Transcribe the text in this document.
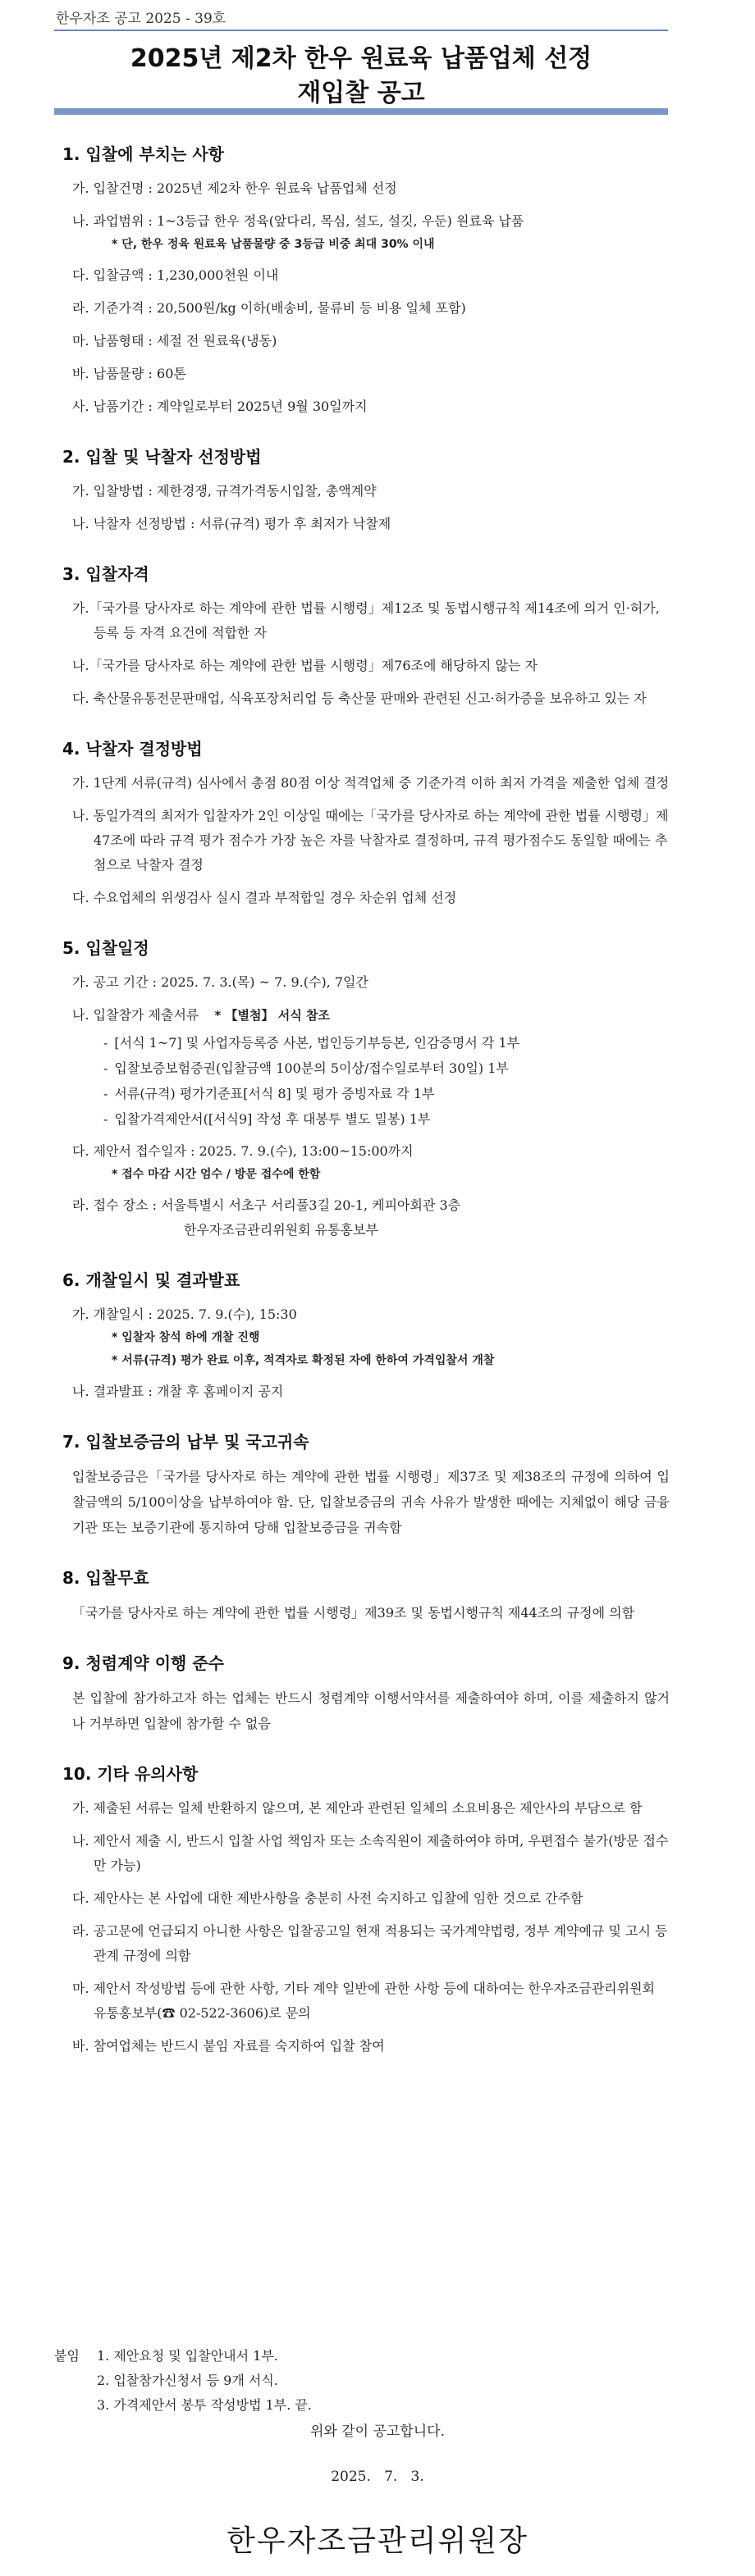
한우자조 공고 2025 - 39호
2025년 제2차 한우 원료육 납품업체 선정
재입찰 공고
1. 입찰에 부치는 사항
가. 입찰건명 : 2025년 제2차 한우 원료육 납품업체 선정
나. 과업범위 : 1~3등급 한우 정육(앞다리, 목심, 설도, 설깃, 우둔) 원료육 납품
* 단, 한우 정육 원료육 납품물량 중 3등급 비중 최대 30% 이내
다. 입찰금액 : 1,230,000천원 이내
라. 기준가격 : 20,500원/kg 이하(배송비, 물류비 등 비용 일체 포함)
마. 납품형태 : 세절 전 원료육(냉동)
바. 납품물량 : 60톤
사. 납품기간 : 계약일로부터 2025년 9월 30일까지
2. 입찰 및 낙찰자 선정방법
가. 입찰방법 : 제한경쟁, 규격가격동시입찰, 총액계약
나. 낙찰자 선정방법 : 서류(규격) 평가 후 최저가 낙찰제
3. 입찰자격
가.「국가를 당사자로 하는 계약에 관한 법률 시행령」제12조 및 동법시행규칙 제14조에 의거 인·허가, 등록 등 자격 요건에 적합한 자
나.「국가를 당사자로 하는 계약에 관한 법률 시행령」제76조에 해당하지 않는 자
다. 축산물유통전문판매업, 식육포장처리업 등 축산물 판매와 관련된 신고·허가증을 보유하고 있는 자
4. 낙찰자 결정방법
가. 1단계 서류(규격) 심사에서 총점 80점 이상 적격업체 중 기준가격 이하 최저 가격을 제출한 업체 결정
나. 동일가격의 최저가 입찰자가 2인 이상일 때에는「국가를 당사자로 하는 계약에 관한 법률 시행령」제47조에 따라 규격 평가 점수가 가장 높은 자를 낙찰자로 결정하며, 규격 평가점수도 동일할 때에는 추첨으로 낙찰자 결정
다. 수요업체의 위생검사 실시 결과 부적합일 경우 차순위 업체 선정
5. 입찰일정
가. 공고 기간 : 2025. 7. 3.(목) ~ 7. 9.(수), 7일간
나. 입찰참가 제출서류 * 【별첨】 서식 참조
- [서식 1~7] 및 사업자등록증 사본, 법인등기부등본, 인감증명서 각 1부
- 입찰보증보험증권(입찰금액 100분의 5이상/접수일로부터 30일) 1부
- 서류(규격) 평가기준표[서식 8] 및 평가 증빙자료 각 1부
- 입찰가격제안서([서식9] 작성 후 대봉투 별도 밀봉) 1부
다. 제안서 접수일자 : 2025. 7. 9.(수), 13:00~15:00까지
* 접수 마감 시간 엄수 / 방문 접수에 한함
라. 접수 장소 : 서울특별시 서초구 서리풀3길 20-1, 케피아회관 3층
한우자조금관리위원회 유통홍보부
6. 개찰일시 및 결과발표
가. 개찰일시 : 2025. 7. 9.(수), 15:30
* 입찰자 참석 하에 개찰 진행
* 서류(규격) 평가 완료 이후, 적격자로 확정된 자에 한하여 가격입찰서 개찰
나. 결과발표 : 개찰 후 홈페이지 공지
7. 입찰보증금의 납부 및 국고귀속
입찰보증금은「국가를 당사자로 하는 계약에 관한 법률 시행령」제37조 및 제38조의 규정에 의하여 입찰금액의 5/100이상을 납부하여야 함. 단, 입찰보증금의 귀속 사유가 발생한 때에는 지체없이 해당 금융기관 또는 보증기관에 통지하여 당해 입찰보증금을 귀속함
8. 입찰무효
「국가를 당사자로 하는 계약에 관한 법률 시행령」제39조 및 동법시행규칙 제44조의 규정에 의함
9. 청렴계약 이행 준수
본 입찰에 참가하고자 하는 업체는 반드시 청렴계약 이행서약서를 제출하여야 하며, 이를 제출하지 않거나 거부하면 입찰에 참가할 수 없음
10. 기타 유의사항
가. 제출된 서류는 일체 반환하지 않으며, 본 제안과 관련된 일체의 소요비용은 제안사의 부담으로 함
나. 제안서 제출 시, 반드시 입찰 사업 책임자 또는 소속직원이 제출하여야 하며, 우편접수 불가(방문 접수만 가능)
다. 제안사는 본 사업에 대한 제반사항을 충분히 사전 숙지하고 입찰에 임한 것으로 간주함
라. 공고문에 언급되지 아니한 사항은 입찰공고일 현재 적용되는 국가계약법령, 정부 계약예규 및 고시 등 관계 규정에 의함
마. 제안서 작성방법 등에 관한 사항, 기타 계약 일반에 관한 사항 등에 대하여는 한우자조금관리위원회 유통홍보부(☎ 02-522-3606)로 문의
바. 참여업체는 반드시 붙임 자료를 숙지하여 입찰 참여
붙임 1. 제안요청 및 입찰안내서 1부.
2. 입찰참가신청서 등 9개 서식.
3. 가격제안서 봉투 작성방법 1부. 끝.
위와 같이 공고합니다.
2025.   7.   3.
한우자조금관리위원장
